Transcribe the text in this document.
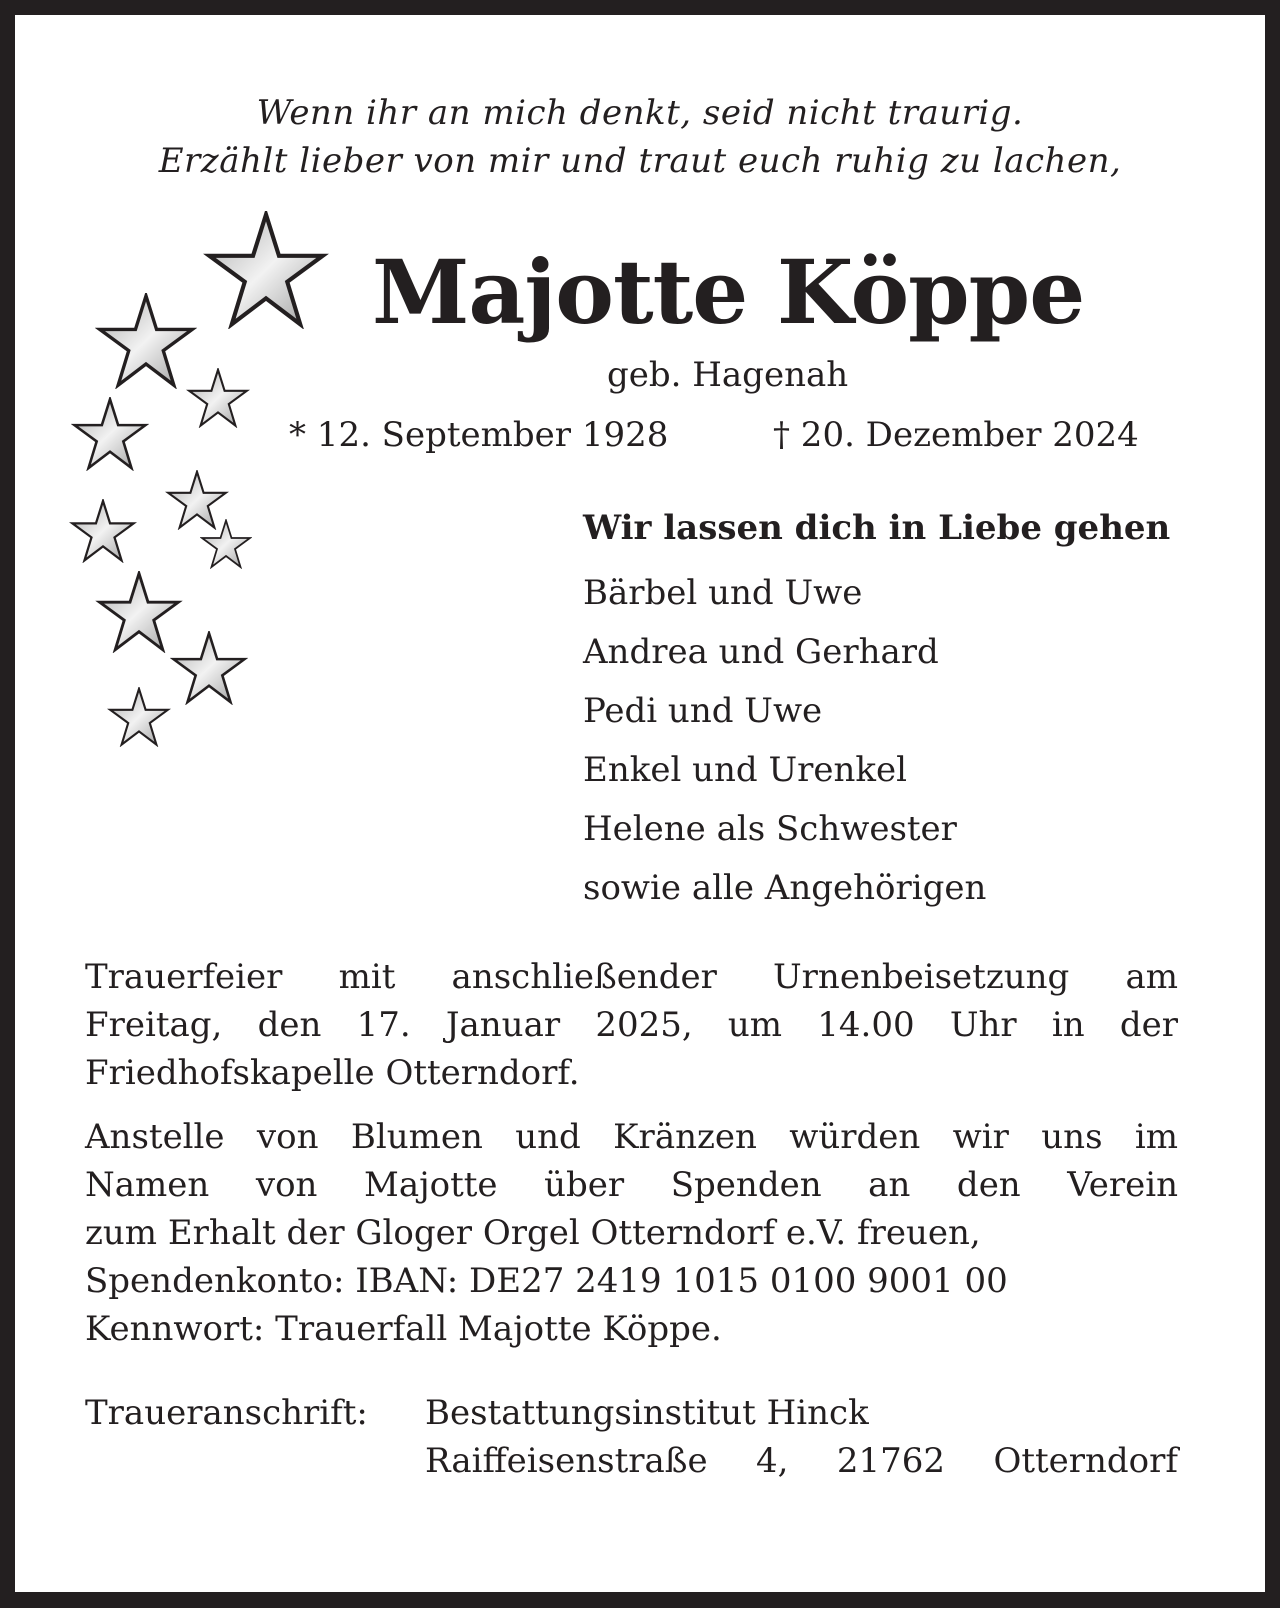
Wenn ihr an mich denkt, seid nicht traurig.
Erzählt lieber von mir und traut euch ruhig zu lachen,
Majotte Köppe
geb. Hagenah
* 12. September 1928	† 20. Dezember 2024
Wir lassen dich in Liebe gehen
Bärbel und Uwe
Andrea und Gerhard
Pedi und Uwe
Enkel und Urenkel
Helene als Schwester
sowie alle Angehörigen
Trauerfeier mit anschließender Urnenbeisetzung am
Freitag, den 17. Januar 2025, um 14.00 Uhr in der
Friedhofskapelle Otterndorf.
Anstelle von Blumen und Kränzen würden wir uns im
Namen von Majotte über Spenden an den Verein
zum Erhalt der Gloger Orgel Otterndorf e.V. freuen,
Spendenkonto: IBAN: DE27 2419 1015 0100 9001 00
Kennwort: Trauerfall Majotte Köppe.
Traueranschrift: Bestattungsinstitut Hinck
Raiffeisenstraße 4, 21762 Otterndorf
